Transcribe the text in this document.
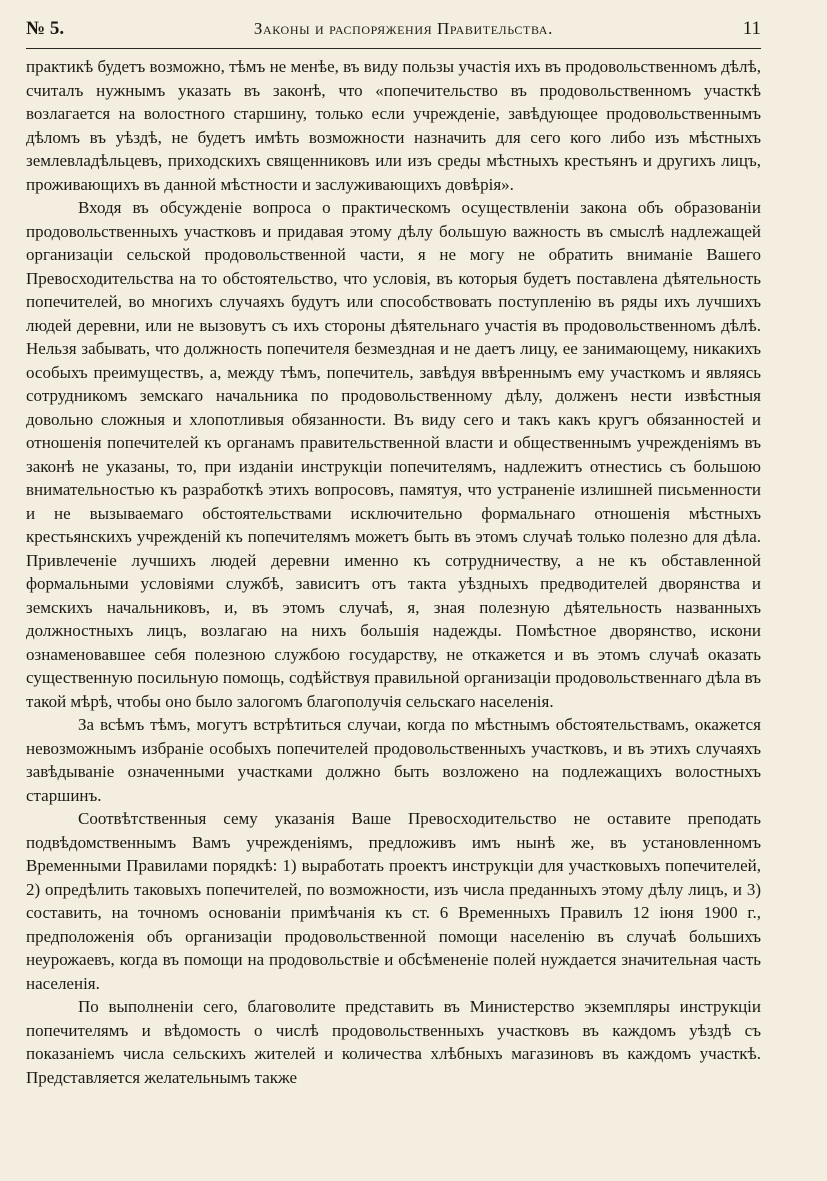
№ 5.	Законы и распоряжения Правительства.	11

практикѣ будетъ возможно, тѣмъ не менѣе, въ виду пользы участія ихъ въ продовольственномъ дѣлѣ, считалъ нужнымъ указать въ законѣ, что «попечительство въ продовольственномъ участкѣ возлагается на волостного старшину, только если учрежденіе, завѣдующее продовольственнымъ дѣломъ въ уѣздѣ, не будетъ имѣть возможности назначить для сего кого либо изъ мѣстныхъ землевладѣльцевъ, приходскихъ священниковъ или изъ среды мѣстныхъ крестьянъ и другихъ лицъ, проживающихъ въ данной мѣстности и заслуживающихъ довѣрія».

Входя въ обсужденіе вопроса о практическомъ осуществленіи закона объ образованіи продовольственныхъ участковъ и придавая этому дѣлу большую важность въ смыслѣ надлежащей организаціи сельской продовольственной части, я не могу не обратить вниманіе Вашего Превосходительства на то обстоятельство, что условія, въ которыя будетъ поставлена дѣятельность попечителей, во многихъ случаяхъ будутъ или способствовать поступленію въ ряды ихъ лучшихъ людей деревни, или не вызовутъ съ ихъ стороны дѣятельнаго участія въ продовольственномъ дѣлѣ. Нельзя забывать, что должность попечителя безмездная и не даетъ лицу, ее занимающему, никакихъ особыхъ преимуществъ, а, между тѣмъ, попечитель, завѣдуя ввѣреннымъ ему участкомъ и являясь сотрудникомъ земскаго начальника по продовольственному дѣлу, долженъ нести извѣстныя довольно сложныя и хлопотливыя обязанности. Въ виду сего и такъ какъ кругъ обязанностей и отношенія попечителей къ органамъ правительственной власти и общественнымъ учрежденіямъ въ законѣ не указаны, то, при изданіи инструкціи попечителямъ, надлежитъ отнестись съ большою внимательностью къ разработкѣ этихъ вопросовъ, памятуя, что устраненіе излишней письменности и не вызываемаго обстоятельствами исключительно формальнаго отношенія мѣстныхъ крестьянскихъ учрежденій къ попечителямъ можетъ быть въ этомъ случаѣ только полезно для дѣла. Привлеченіе лучшихъ людей деревни именно къ сотрудничеству, а не къ обставленной формальными условіями службѣ, зависитъ отъ такта уѣздныхъ предводителей дворянства и земскихъ начальниковъ, и, въ этомъ случаѣ, я, зная полезную дѣятельность названныхъ должностныхъ лицъ, возлагаю на нихъ большія надежды. Помѣстное дворянство, искони ознаменовавшее себя полезною службою государству, не откажется и въ этомъ случаѣ оказать существенную посильную помощь, содѣйствуя правильной организаціи продовольственнаго дѣла въ такой мѣрѣ, чтобы оно было залогомъ благополучія сельскаго населенія.

За всѣмъ тѣмъ, могутъ встрѣтиться случаи, когда по мѣстнымъ обстоятельствамъ, окажется невозможнымъ избраніе особыхъ попечителей продовольственныхъ участковъ, и въ этихъ случаяхъ завѣдываніе означенными участками должно быть возложено на подлежащихъ волостныхъ старшинъ.

Соотвѣтственныя сему указанія Ваше Превосходительство не оставите преподать подвѣдомственнымъ Вамъ учрежденіямъ, предложивъ имъ нынѣ же, въ установленномъ Временными Правилами порядкѣ: 1) выработать проектъ инструкціи для участковыхъ попечителей, 2) опредѣлить таковыхъ попечителей, по возможности, изъ числа преданныхъ этому дѣлу лицъ, и 3) составить, на точномъ основаніи примѣчанія къ ст. 6 Временныхъ Правилъ 12 іюня 1900 г., предположенія объ организаціи продовольственной помощи населенію въ случаѣ большихъ неурожаевъ, когда въ помощи на продовольствіе и обсѣмененіе полей нуждается значительная часть населенія.

По выполненіи сего, благоволите представить въ Министерство экземпляры инструкціи попечителямъ и вѣдомость о числѣ продовольственныхъ участковъ въ каждомъ уѣздѣ съ показаніемъ числа сельскихъ жителей и количества хлѣбныхъ магазиновъ въ каждомъ участкѣ. Представляется желательнымъ также
